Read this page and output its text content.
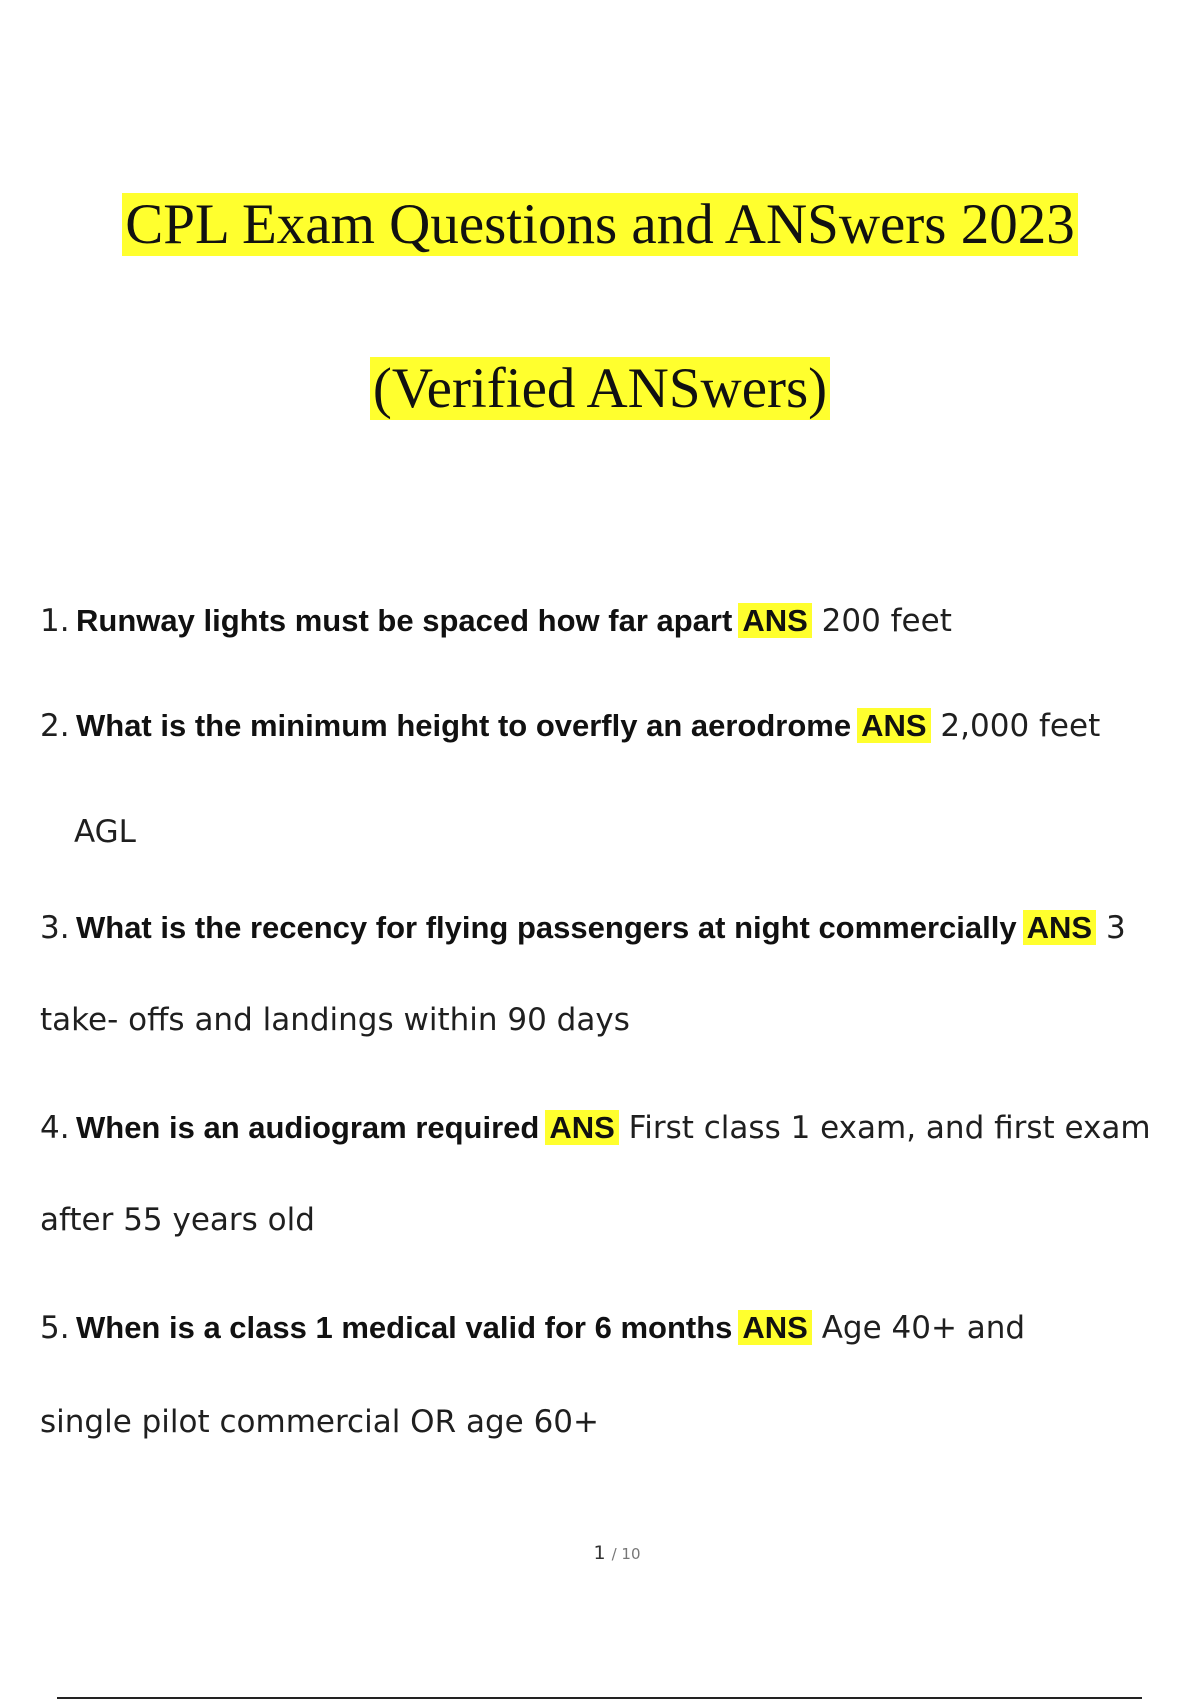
CPL Exam Questions and ANSwers 2023
(Verified ANSwers)
1. Runway lights must be spaced how far apart ANS 200 feet
2. What is the minimum height to overfly an aerodrome ANS 2,000 feet
AGL
3. What is the recency for flying passengers at night commercially ANS 3
take- offs and landings within 90 days
4. When is an audiogram required ANS First class 1 exam, and first exam
after 55 years old
5. When is a class 1 medical valid for 6 months ANS Age 40+ and
single pilot commercial OR age 60+
1 / 10
